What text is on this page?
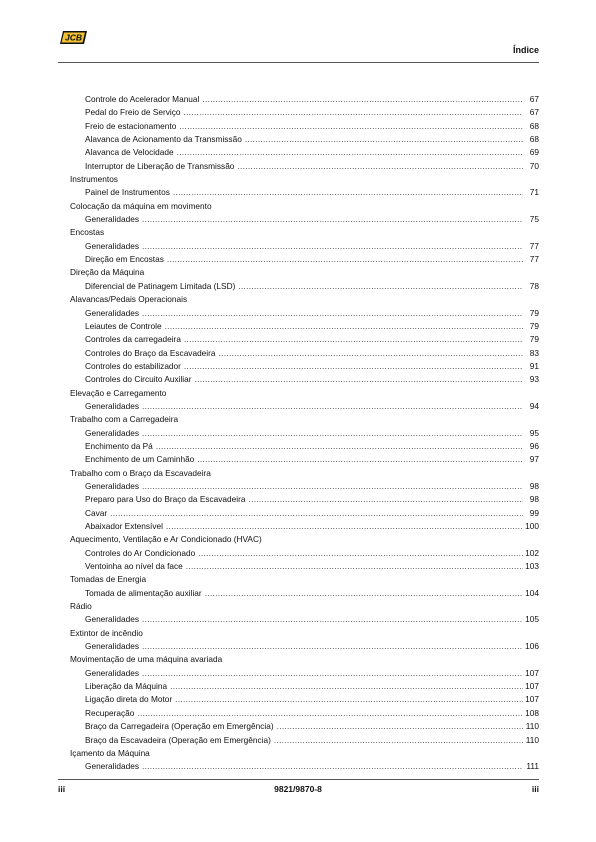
JCB
Índice
Controle do Acelerador Manual .....	67
Pedal do Freio de Serviço .....	67
Freio de estacionamento .....	68
Alavanca de Acionamento da Transmissão .....	68
Alavanca de Velocidade .....	69
Interruptor de Liberação de Transmissão .....	70
Instrumentos
Painel de Instrumentos .....	71
Colocação da máquina em movimento
Generalidades .....	75
Encostas
Generalidades .....	77
Direção em Encostas .....	77
Direção da Máquina
Diferencial de Patinagem Limitada (LSD) .....	78
Alavancas/Pedais Operacionais
Generalidades .....	79
Leiautes de Controle .....	79
Controles da carregadeira .....	79
Controles do Braço da Escavadeira .....	83
Controles do estabilizador .....	91
Controles do Circuito Auxiliar .....	93
Elevação e Carregamento
Generalidades .....	94
Trabalho com a Carregadeira
Generalidades .....	95
Enchimento da Pá .....	96
Enchimento de um Caminhão .....	97
Trabalho com o Braço da Escavadeira
Generalidades .....	98
Preparo para Uso do Braço da Escavadeira .....	98
Cavar .....	99
Abaixador Extensível .....	100
Aquecimento, Ventilação e Ar Condicionado (HVAC)
Controles do Ar Condicionado .....	102
Ventoinha ao nível da face .....	103
Tomadas de Energia
Tomada de alimentação auxiliar .....	104
Rádio
Generalidades .....	105
Extintor de incêndio
Generalidades .....	106
Movimentação de uma máquina avariada
Generalidades .....	107
Liberação da Máquina .....	107
Ligação direta do Motor .....	107
Recuperação .....	108
Braço da Carregadeira (Operação em Emergência) .....	110
Braço da Escavadeira (Operação em Emergência) .....	110
Içamento da Máquina
Generalidades .....	111
iii	9821/9870-8	iii
